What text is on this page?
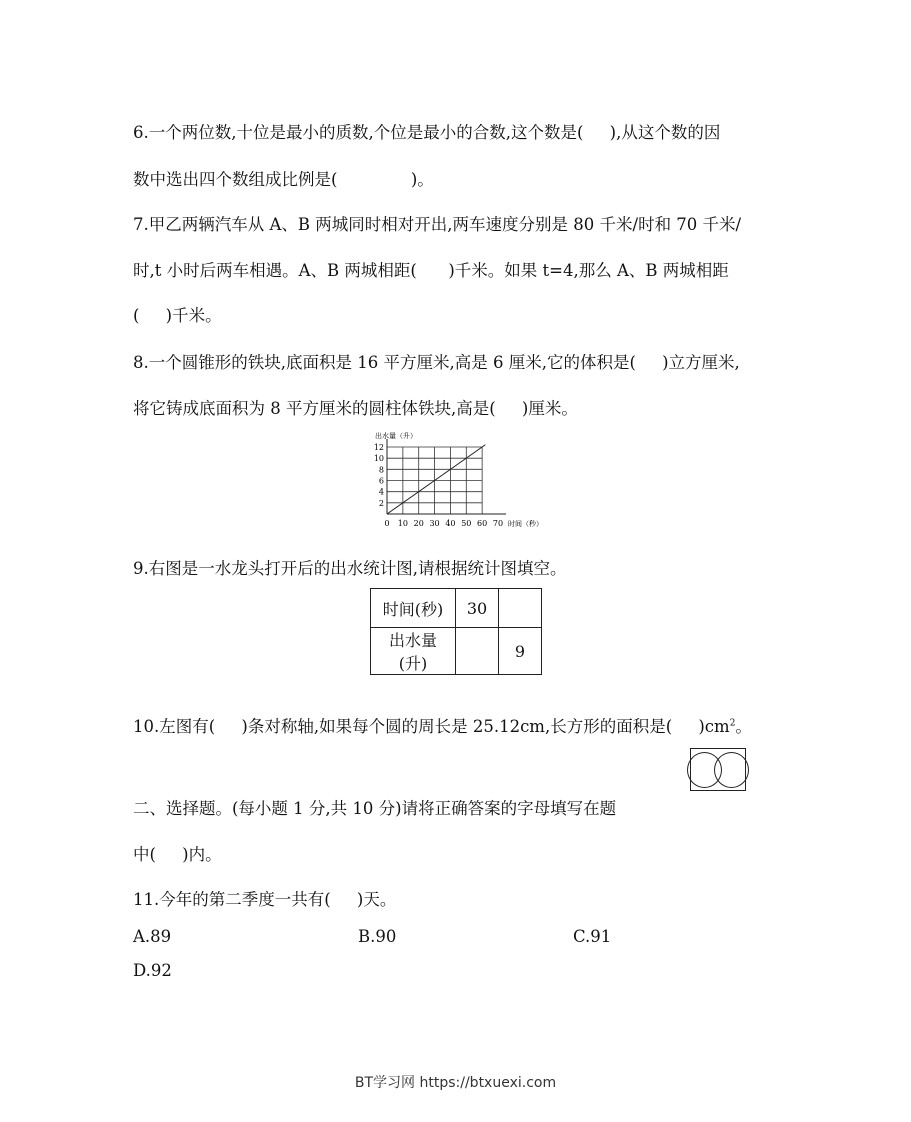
6.一个两位数,十位是最小的质数,个位是最小的合数,这个数是(     ),从这个数的因
数中选出四个数组成比例是(              )。
7.甲乙两辆汽车从 A、B 两城同时相对开出,两车速度分别是 80 千米/时和 70 千米/
时,t 小时后两车相遇。A、B 两城相距(      )千米。如果 t=4,那么 A、B 两城相距
(     )千米。
8.一个圆锥形的铁块,底面积是 16 平方厘米,高是 6 厘米,它的体积是(     )立方厘米,
将它铸成底面积为 8 平方厘米的圆柱体铁块,高是(     )厘米。
0 10 20 30 40 50 60 70
2
4
6
8
10
12
时间（秒）
出水量（升）
9.右图是一水龙头打开后的出水统计图,请根据统计图填空。
时间(秒)	30	
出水量(升)		9
10.左图有(     )条对称轴,如果每个圆的周长是 25.12cm,长方形的面积是(     )$cm^2$。
二、选择题。(每小题 1 分,共 10 分)请将正确答案的字母填写在题
中(     )内。
11.今年的第二季度一共有(     )天。
A.89	B.90	C.91
D.92
BT学习网 https://btxuexi.com
